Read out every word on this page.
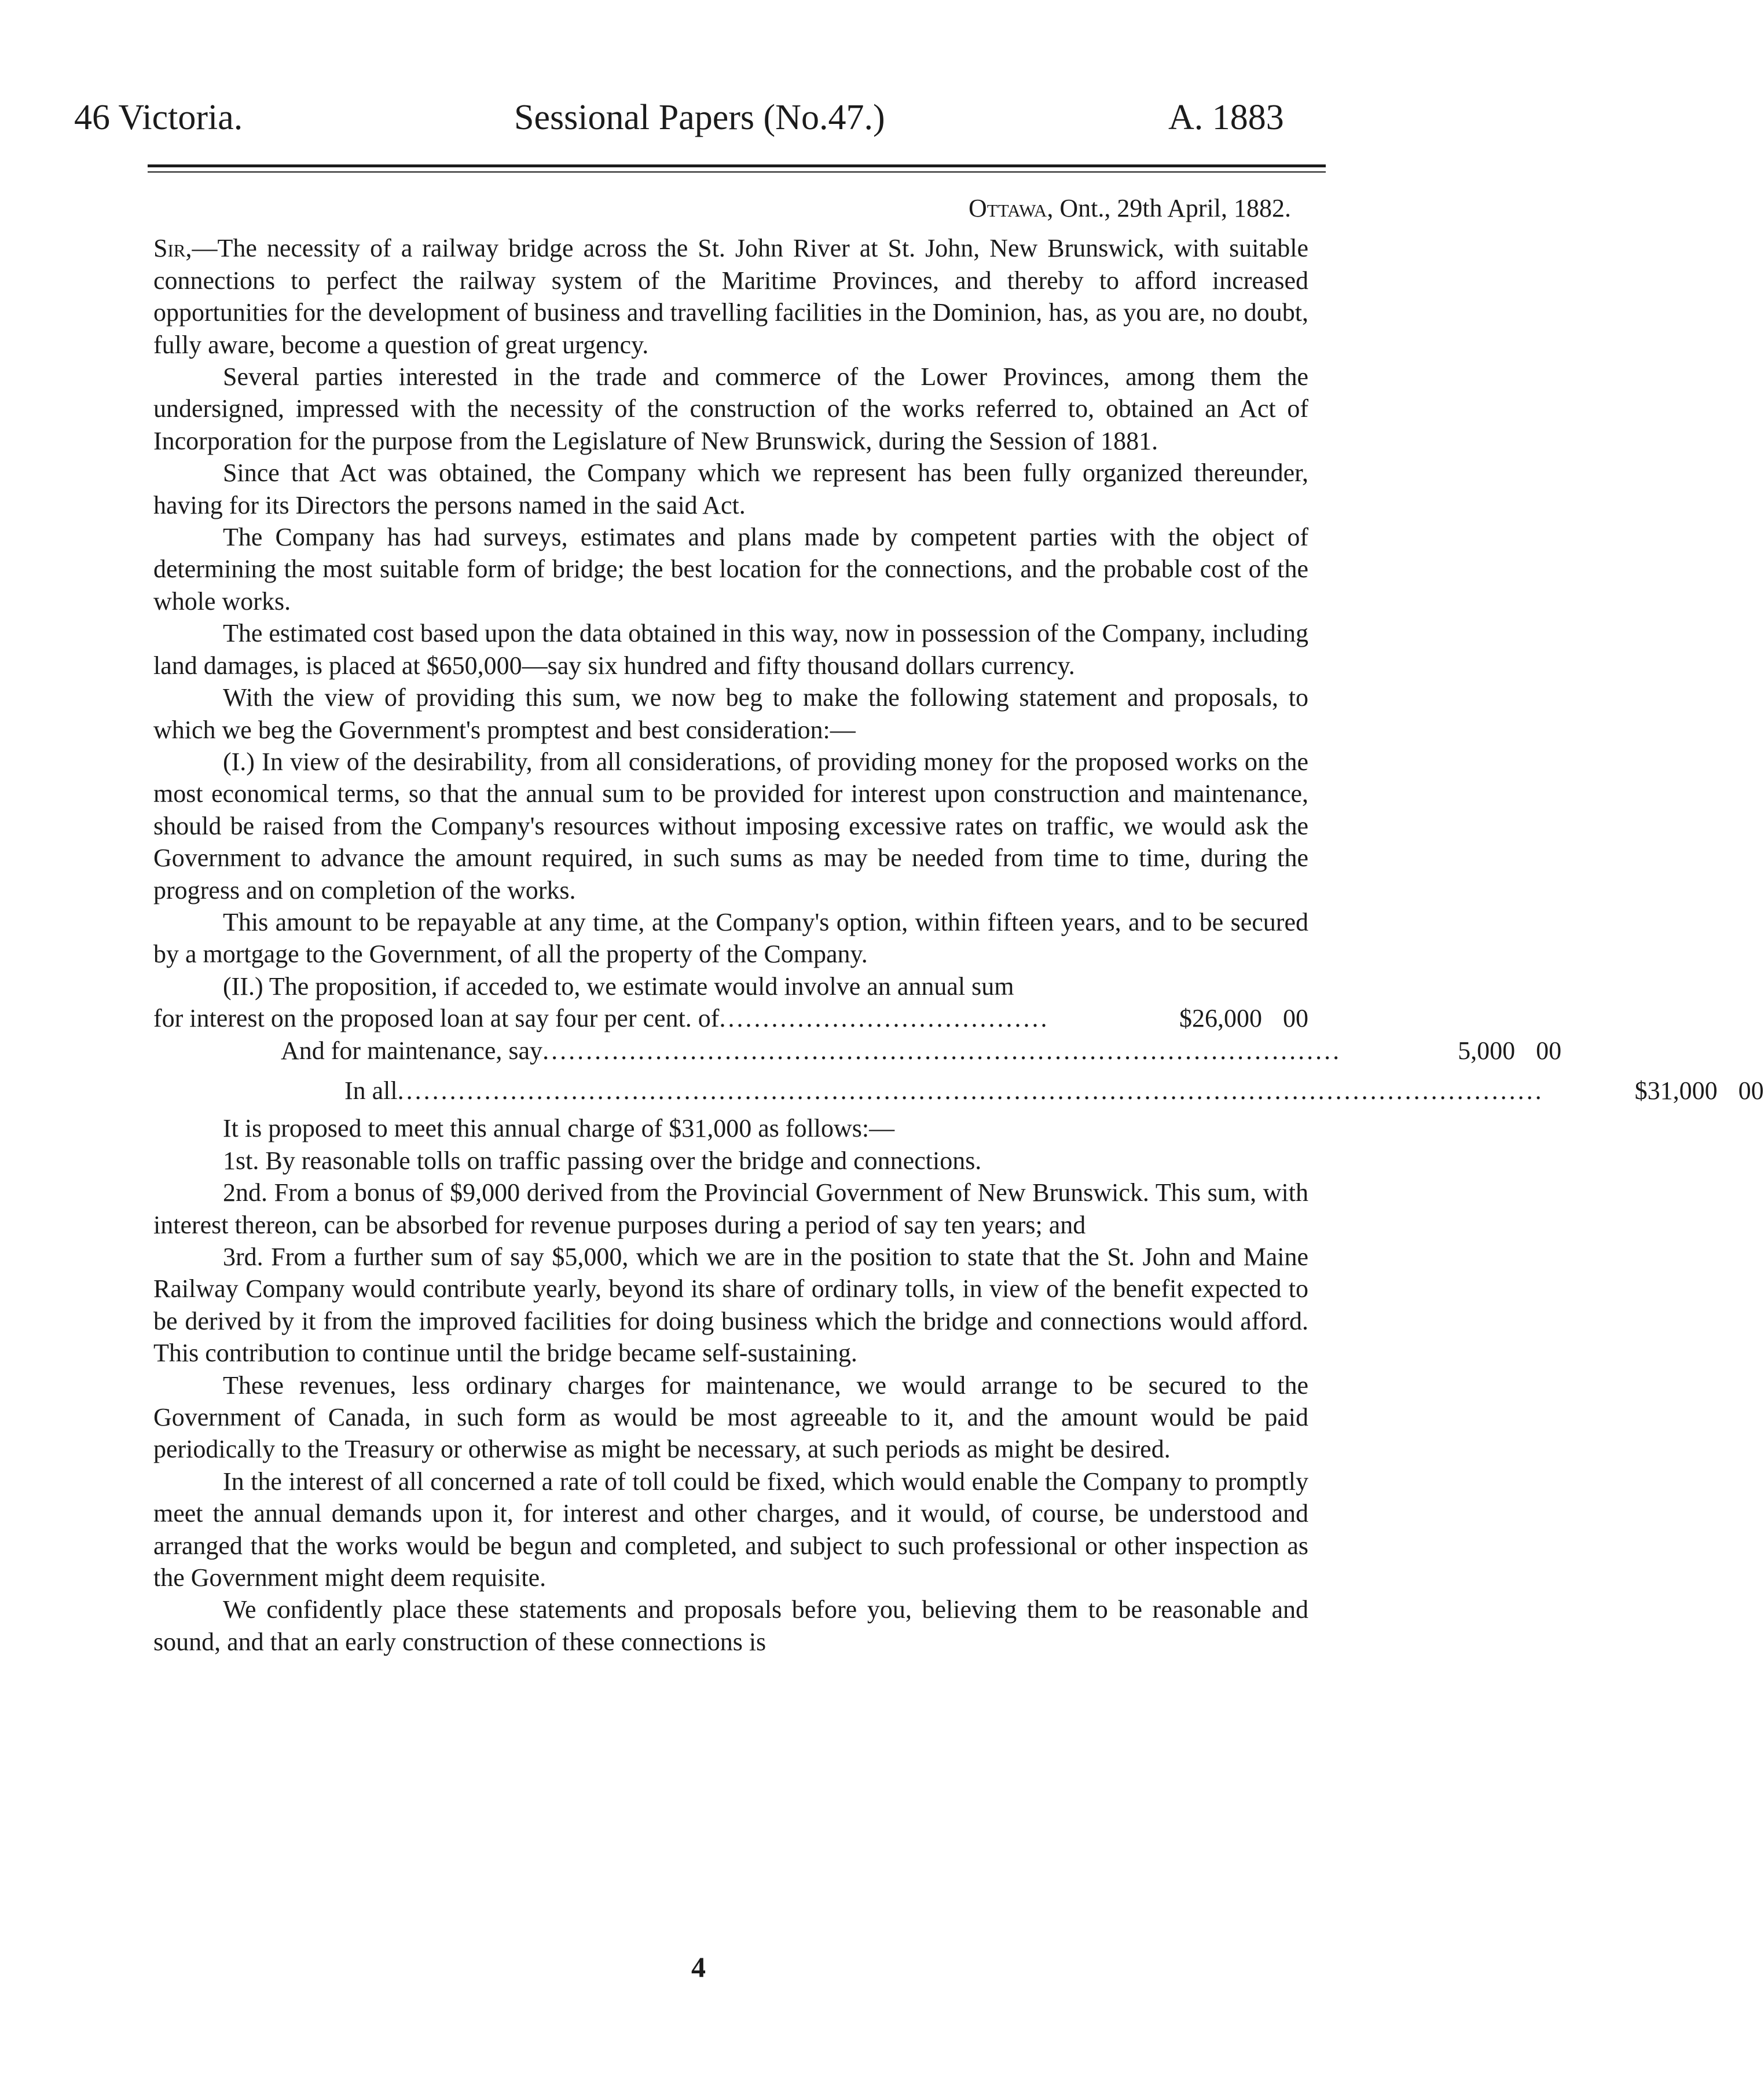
46 Victoria.	Sessional Papers (No.47.)	A. 1883
Ottawa, Ont., 29th April, 1882.

Sir,—The necessity of a railway bridge across the St. John River at St. John, New Brunswick, with suitable connections to perfect the railway system of the Maritime Provinces, and thereby to afford increased opportunities for the development of business and travelling facilities in the Dominion, has, as you are, no doubt, fully aware, become a question of great urgency.

Several parties interested in the trade and commerce of the Lower Provinces, among them the undersigned, impressed with the necessity of the construction of the works referred to, obtained an Act of Incorporation for the purpose from the Legislature of New Brunswick, during the Session of 1881.

Since that Act was obtained, the Company which we represent has been fully organized thereunder, having for its Directors the persons named in the said Act.

The Company has had surveys, estimates and plans made by competent parties with the object of determining the most suitable form of bridge; the best location for the connections, and the probable cost of the whole works.

The estimated cost based upon the data obtained in this way, now in possession of the Company, including land damages, is placed at $650,000—say six hundred and fifty thousand dollars currency.

With the view of providing this sum, we now beg to make the following statement and proposals, to which we beg the Government's promptest and best consideration:—

(I.) In view of the desirability, from all considerations, of providing money for the proposed works on the most economical terms, so that the annual sum to be provided for interest upon construction and maintenance, should be raised from the Company's resources without imposing excessive rates on traffic, we would ask the Government to advance the amount required, in such sums as may be needed from time to time, during the progress and on completion of the works.

This amount to be repayable at any time, at the Company's option, within fifteen years, and to be secured by a mortgage to the Government, of all the property of the Company.

(II.) The proposition, if acceded to, we estimate would involve an annual sum

for interest on the proposed loan at say four per cent. of ......................................	$26,000 00
And for maintenance, say ............................................................................................	5,000 00
In all ....................................................................................................................................	$31,000 00

It is proposed to meet this annual charge of $31,000 as follows:—

1st. By reasonable tolls on traffic passing over the bridge and connections.

2nd. From a bonus of $9,000 derived from the Provincial Government of New Brunswick. This sum, with interest thereon, can be absorbed for revenue purposes during a period of say ten years; and

3rd. From a further sum of say $5,000, which we are in the position to state that the St. John and Maine Railway Company would contribute yearly, beyond its share of ordinary tolls, in view of the benefit expected to be derived by it from the improved facilities for doing business which the bridge and connections would afford. This contribution to continue until the bridge became self-sustaining.

These revenues, less ordinary charges for maintenance, we would arrange to be secured to the Government of Canada, in such form as would be most agreeable to it, and the amount would be paid periodically to the Treasury or otherwise as might be necessary, at such periods as might be desired.

In the interest of all concerned a rate of toll could be fixed, which would enable the Company to promptly meet the annual demands upon it, for interest and other charges, and it would, of course, be understood and arranged that the works would be begun and completed, and subject to such professional or other inspection as the Government might deem requisite.

We confidently place these statements and proposals before you, believing them to be reasonable and sound, and that an early construction of these connections is

4
